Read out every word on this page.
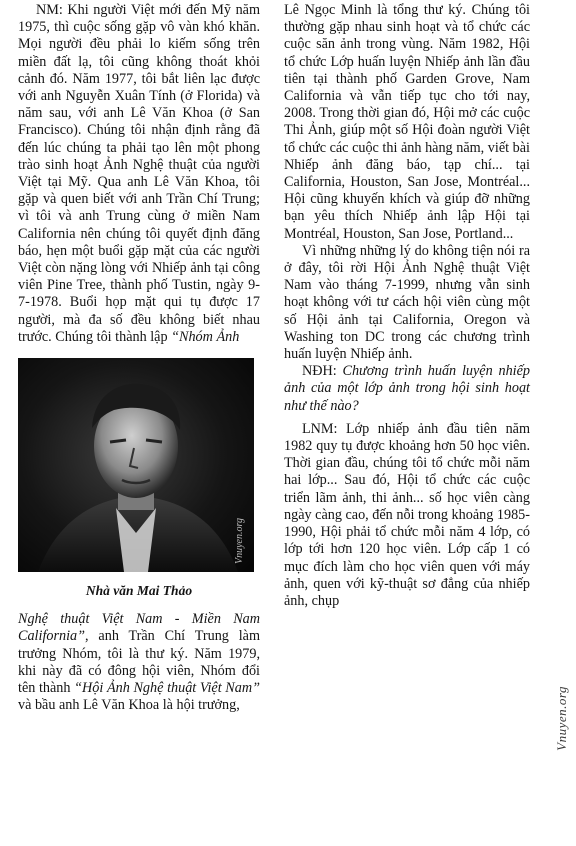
NM: Khi người Việt mới đến Mỹ năm 1975, thì cuộc sống gặp vô vàn khó khăn. Mọi người đều phải lo kiếm sống trên miền đất lạ, tôi cũng không thoát khỏi cảnh đó. Năm 1977, tôi bắt liên lạc được với anh Nguyễn Xuân Tính (ở Florida) và năm sau, với anh Lê Văn Khoa (ở San Francisco). Chúng tôi nhận định rằng đã đến lúc chúng ta phải tạo lên một phong trào sinh hoạt Ảnh Nghệ thuật của người Việt tại Mỹ. Qua anh Lê Văn Khoa, tôi gặp và quen biết với anh Trần Chí Trung; vì tôi và anh Trung cùng ở miền Nam California nên chúng tôi quyết định đăng báo, hẹn một buổi gặp mặt của các người Việt còn nặng lòng với Nhiếp ảnh tại công viên Pine Tree, thành phố Tustin, ngày 9-7-1978. Buổi họp mặt qui tụ được 17 người, mà đa số đều không biết nhau trước. Chúng tôi thành lập “Nhóm Ảnh

Vnuyen.org
Nhà văn Mai Thảo

Nghệ thuật Việt Nam - Miền Nam California”, anh Trần Chí Trung làm trưởng Nhóm, tôi là thư ký. Năm 1979, khi này đã có đông hội viên, Nhóm đổi tên thành “Hội Ảnh Nghệ thuật Việt Nam” và bầu anh Lê Văn Khoa là hội trưởng,

Lê Ngọc Minh là tổng thư ký. Chúng tôi thường gặp nhau sinh hoạt và tổ chức các cuộc săn ảnh trong vùng. Năm 1982, Hội tổ chức Lớp huấn luyện Nhiếp ảnh lần đầu tiên tại thành phố Garden Grove, Nam California và vẫn tiếp tục cho tới nay, 2008. Trong thời gian đó, Hội mở các cuộc Thi Ảnh, giúp một số Hội đoàn người Việt tổ chức các cuộc thi ảnh hàng năm, viết bài Nhiếp ảnh đăng báo, tạp chí... tại California, Houston, San Jose, Montréal... Hội cũng khuyến khích và giúp đỡ những bạn yêu thích Nhiếp ảnh lập Hội tại Montréal, Houston, San Jose, Portland...

Vì những những lý do không tiện nói ra ở đây, tôi rời Hội Ảnh Nghệ thuật Việt Nam vào tháng 7-1999, nhưng vẫn sinh hoạt không với tư cách hội viên cùng một số Hội ảnh tại California, Oregon và Washing ton DC trong các chương trình huấn luyện Nhiếp ảnh.

NĐH: Chương trình huấn luyện nhiếp ảnh của một lớp ảnh trong hội sinh hoạt như thế nào?

LNM: Lớp nhiếp ảnh đầu tiên năm 1982 quy tụ được khoảng hơn 50 học viên. Thời gian đầu, chúng tôi tổ chức mỗi năm hai lớp... Sau đó, Hội tổ chức các cuộc triển lãm ảnh, thi ảnh... số học viên càng ngày càng cao, đến nỗi trong khoảng 1985-1990, Hội phải tổ chức mỗi năm 4 lớp, có lớp tới hơn 120 học viên. Lớp cấp 1 có mục đích làm cho học viên quen với máy ảnh, quen với kỹ-thuật sơ đẳng của nhiếp ảnh, chụp

Vnuyen.org
